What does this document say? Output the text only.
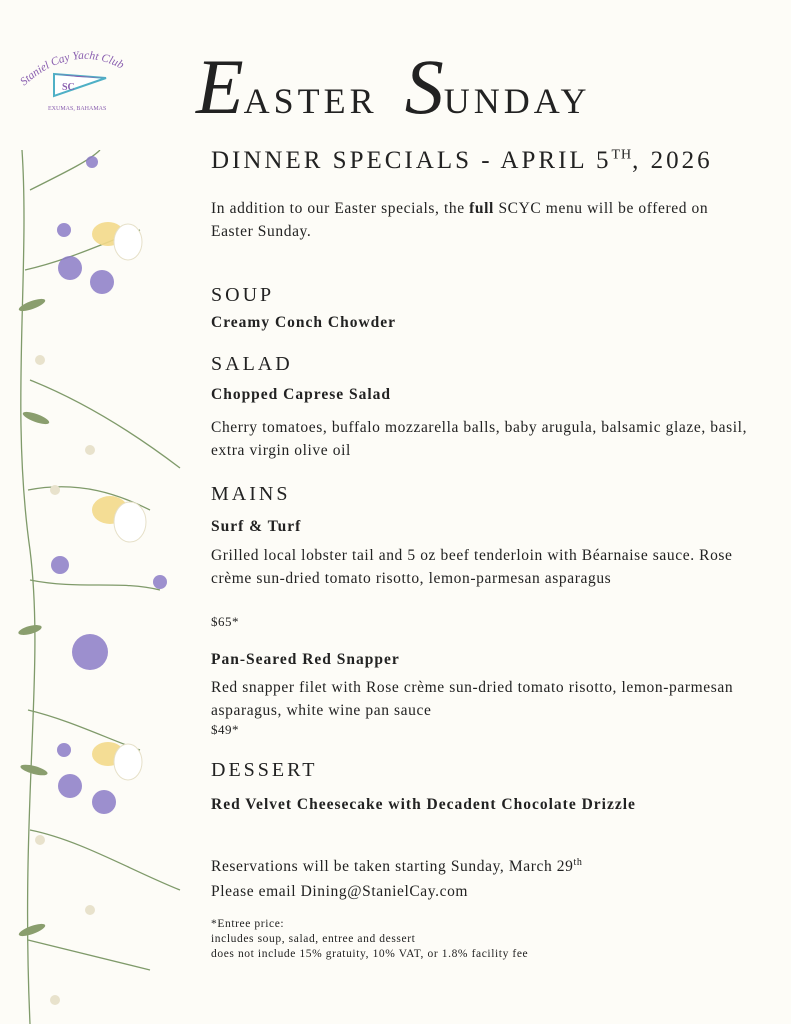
Staniel Cay Yacht Club
SC
EXUMAS, BAHAMAS EASTER SUNDAY
DINNER SPECIALS - APRIL 5TH, 2026
In addition to our Easter specials, the full SCYC menu will be offered on Easter Sunday.
SOUP
Creamy Conch Chowder
SALAD
Chopped Caprese Salad
Cherry tomatoes, buffalo mozzarella balls, baby arugula, balsamic glaze, basil, extra virgin olive oil
MAINS
Surf & Turf
Grilled local lobster tail and 5 oz beef tenderloin with Béarnaise sauce. Rose crème sun-dried tomato risotto, lemon-parmesan asparagus
$65*
Pan-Seared Red Snapper
Red snapper filet with Rose crème sun-dried tomato risotto, lemon-parmesan asparagus, white wine pan sauce
$49*
DESSERT
Red Velvet Cheesecake with Decadent Chocolate Drizzle
Reservations will be taken starting Sunday, March 29th
Please email Dining@StanielCay.com
*Entree price:
includes soup, salad, entree and dessert
does not include 15% gratuity, 10% VAT, or 1.8% facility fee
